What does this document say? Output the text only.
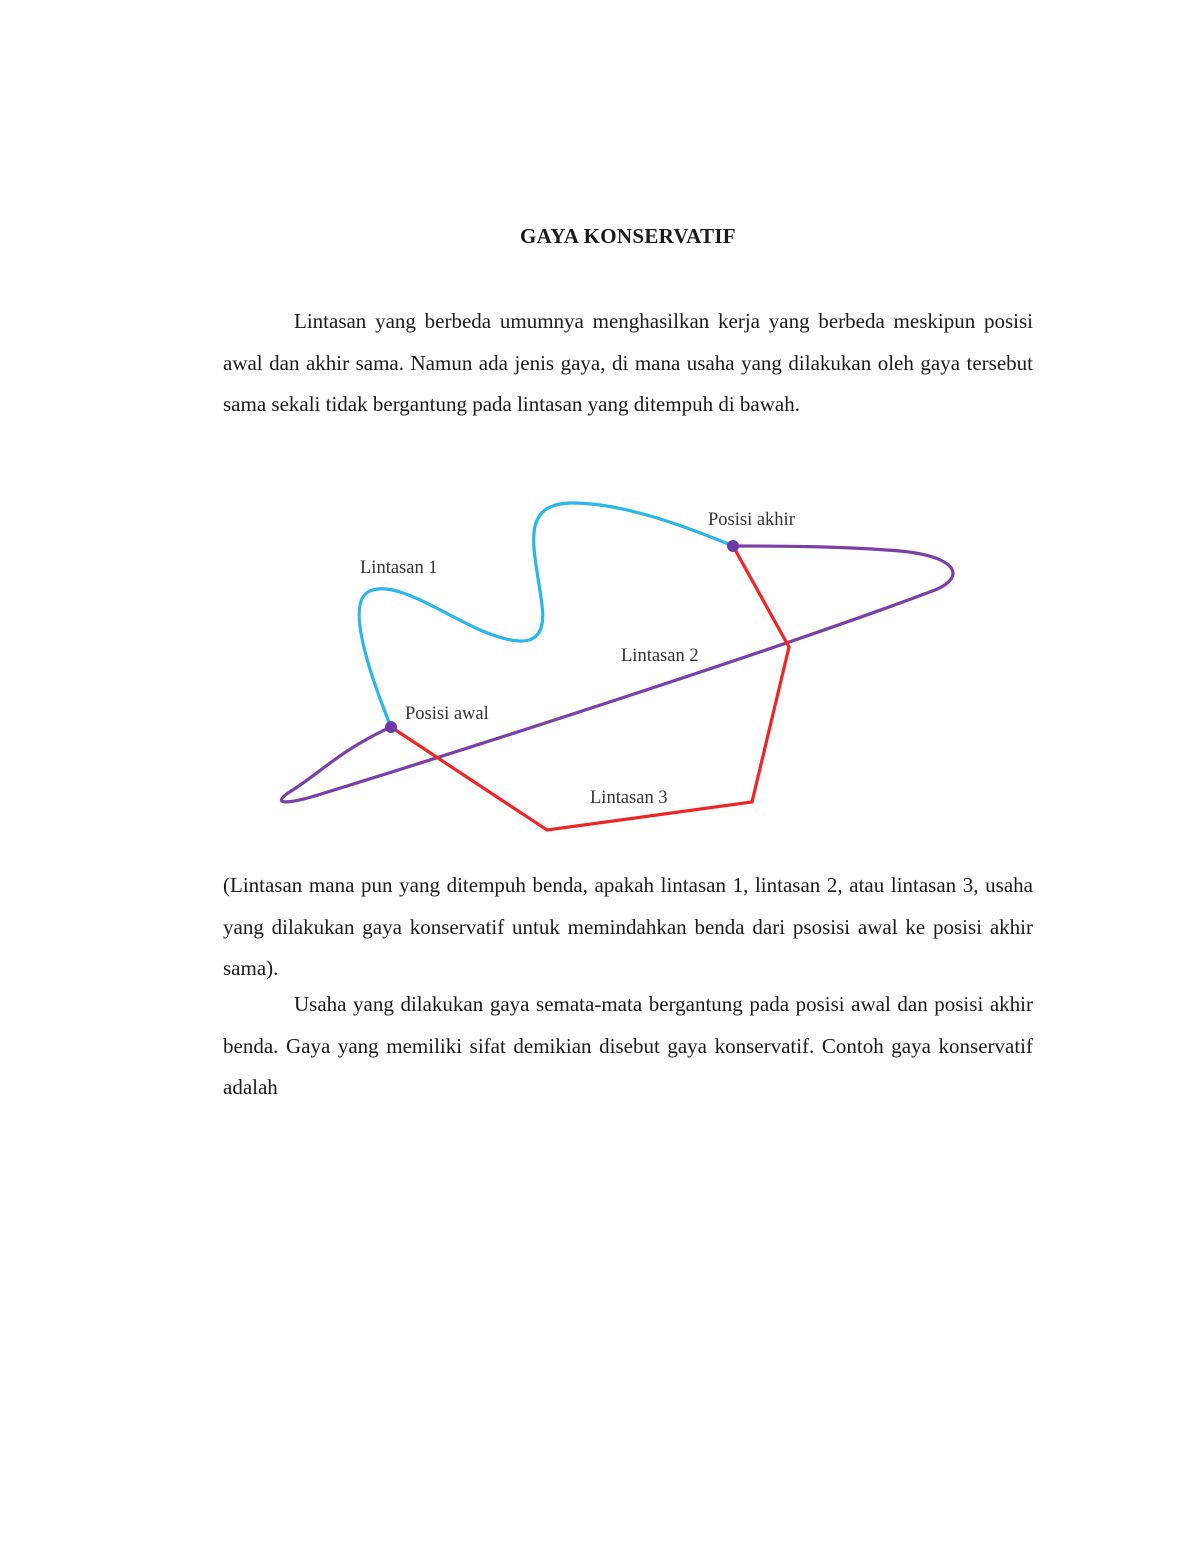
GAYA KONSERVATIF

Lintasan yang berbeda umumnya menghasilkan kerja yang berbeda meskipun posisi awal dan akhir sama. Namun ada jenis gaya, di mana usaha yang dilakukan oleh gaya tersebut sama sekali tidak bergantung pada lintasan yang ditempuh di bawah.

Lintasan 1
Lintasan 2
Lintasan 3
Posisi awal
Posisi akhir

(Lintasan mana pun yang ditempuh benda, apakah lintasan 1, lintasan 2, atau lintasan 3, usaha yang dilakukan gaya konservatif untuk memindahkan benda dari psosisi awal ke posisi akhir sama).

Usaha yang dilakukan gaya semata-mata bergantung pada posisi awal dan posisi akhir benda. Gaya yang memiliki sifat demikian disebut gaya konservatif. Contoh gaya konservatif adalah
